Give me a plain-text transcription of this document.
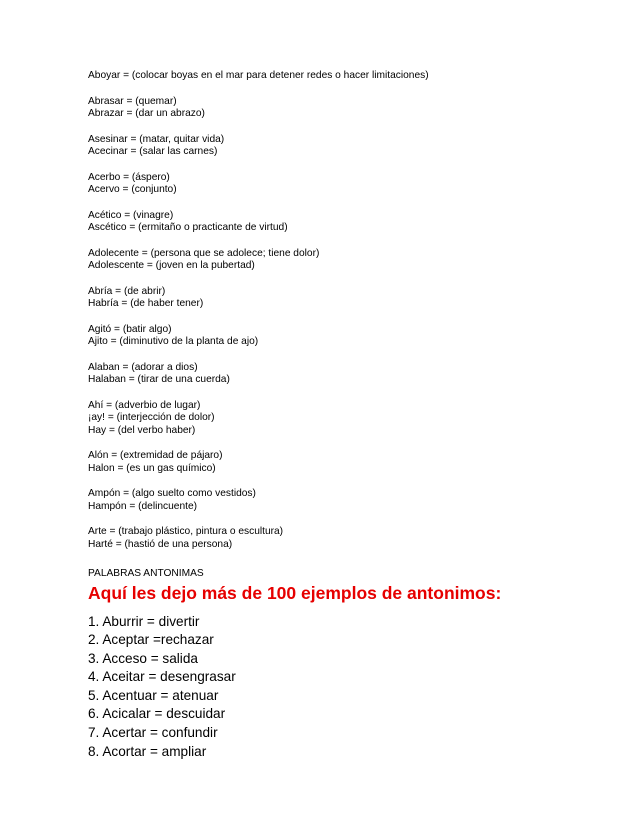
Aboyar = (colocar boyas en el mar para detener redes o hacer limitaciones)
Abrasar = (quemar)
Abrazar = (dar un abrazo)
Asesinar = (matar, quitar vida)
Acecinar = (salar las carnes)
Acerbo = (áspero)
Acervo = (conjunto)
Acético = (vinagre)
Ascético = (ermitaño o practicante de virtud)
Adolecente = (persona que se adolece; tiene dolor)
Adolescente = (joven en la pubertad)
Abría = (de abrir)
Habría = (de haber tener)
Agitó = (batir algo)
Ajito = (diminutivo de la planta de ajo)
Alaban = (adorar a dios)
Halaban = (tirar de una cuerda)
Ahí = (adverbio de lugar)
¡ay! = (interjección de dolor)
Hay = (del verbo haber)
Alón = (extremidad de pájaro)
Halon = (es un gas químico)
Ampón = (algo suelto como vestidos)
Hampón = (delincuente)
Arte = (trabajo plástico, pintura o escultura)
Harté = (hastió de una persona)
PALABRAS ANTONIMAS
Aquí les dejo más de 100 ejemplos de antonimos:
1. Aburrir = divertir
2. Aceptar =rechazar
3. Acceso = salida
4. Aceitar = desengrasar
5. Acentuar = atenuar
6. Acicalar = descuidar
7. Acertar = confundir
8. Acortar = ampliar
